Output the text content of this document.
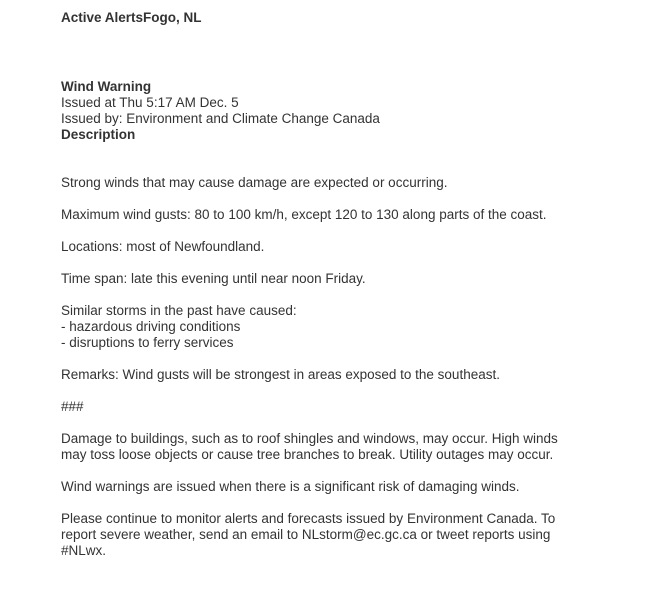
Active AlertsFogo, NL
Wind Warning
Issued at Thu 5:17 AM Dec. 5
Issued by: Environment and Climate Change Canada
Description

Strong winds that may cause damage are expected or occurring.

Maximum wind gusts: 80 to 100 km/h, except 120 to 130 along parts of the coast.

Locations: most of Newfoundland.

Time span: late this evening until near noon Friday.

Similar storms in the past have caused:
- hazardous driving conditions
- disruptions to ferry services

Remarks: Wind gusts will be strongest in areas exposed to the southeast.

###

Damage to buildings, such as to roof shingles and windows, may occur. High winds
may toss loose objects or cause tree branches to break. Utility outages may occur.

Wind warnings are issued when there is a significant risk of damaging winds.

Please continue to monitor alerts and forecasts issued by Environment Canada. To
report severe weather, send an email to NLstorm@ec.gc.ca or tweet reports using
#NLwx.
